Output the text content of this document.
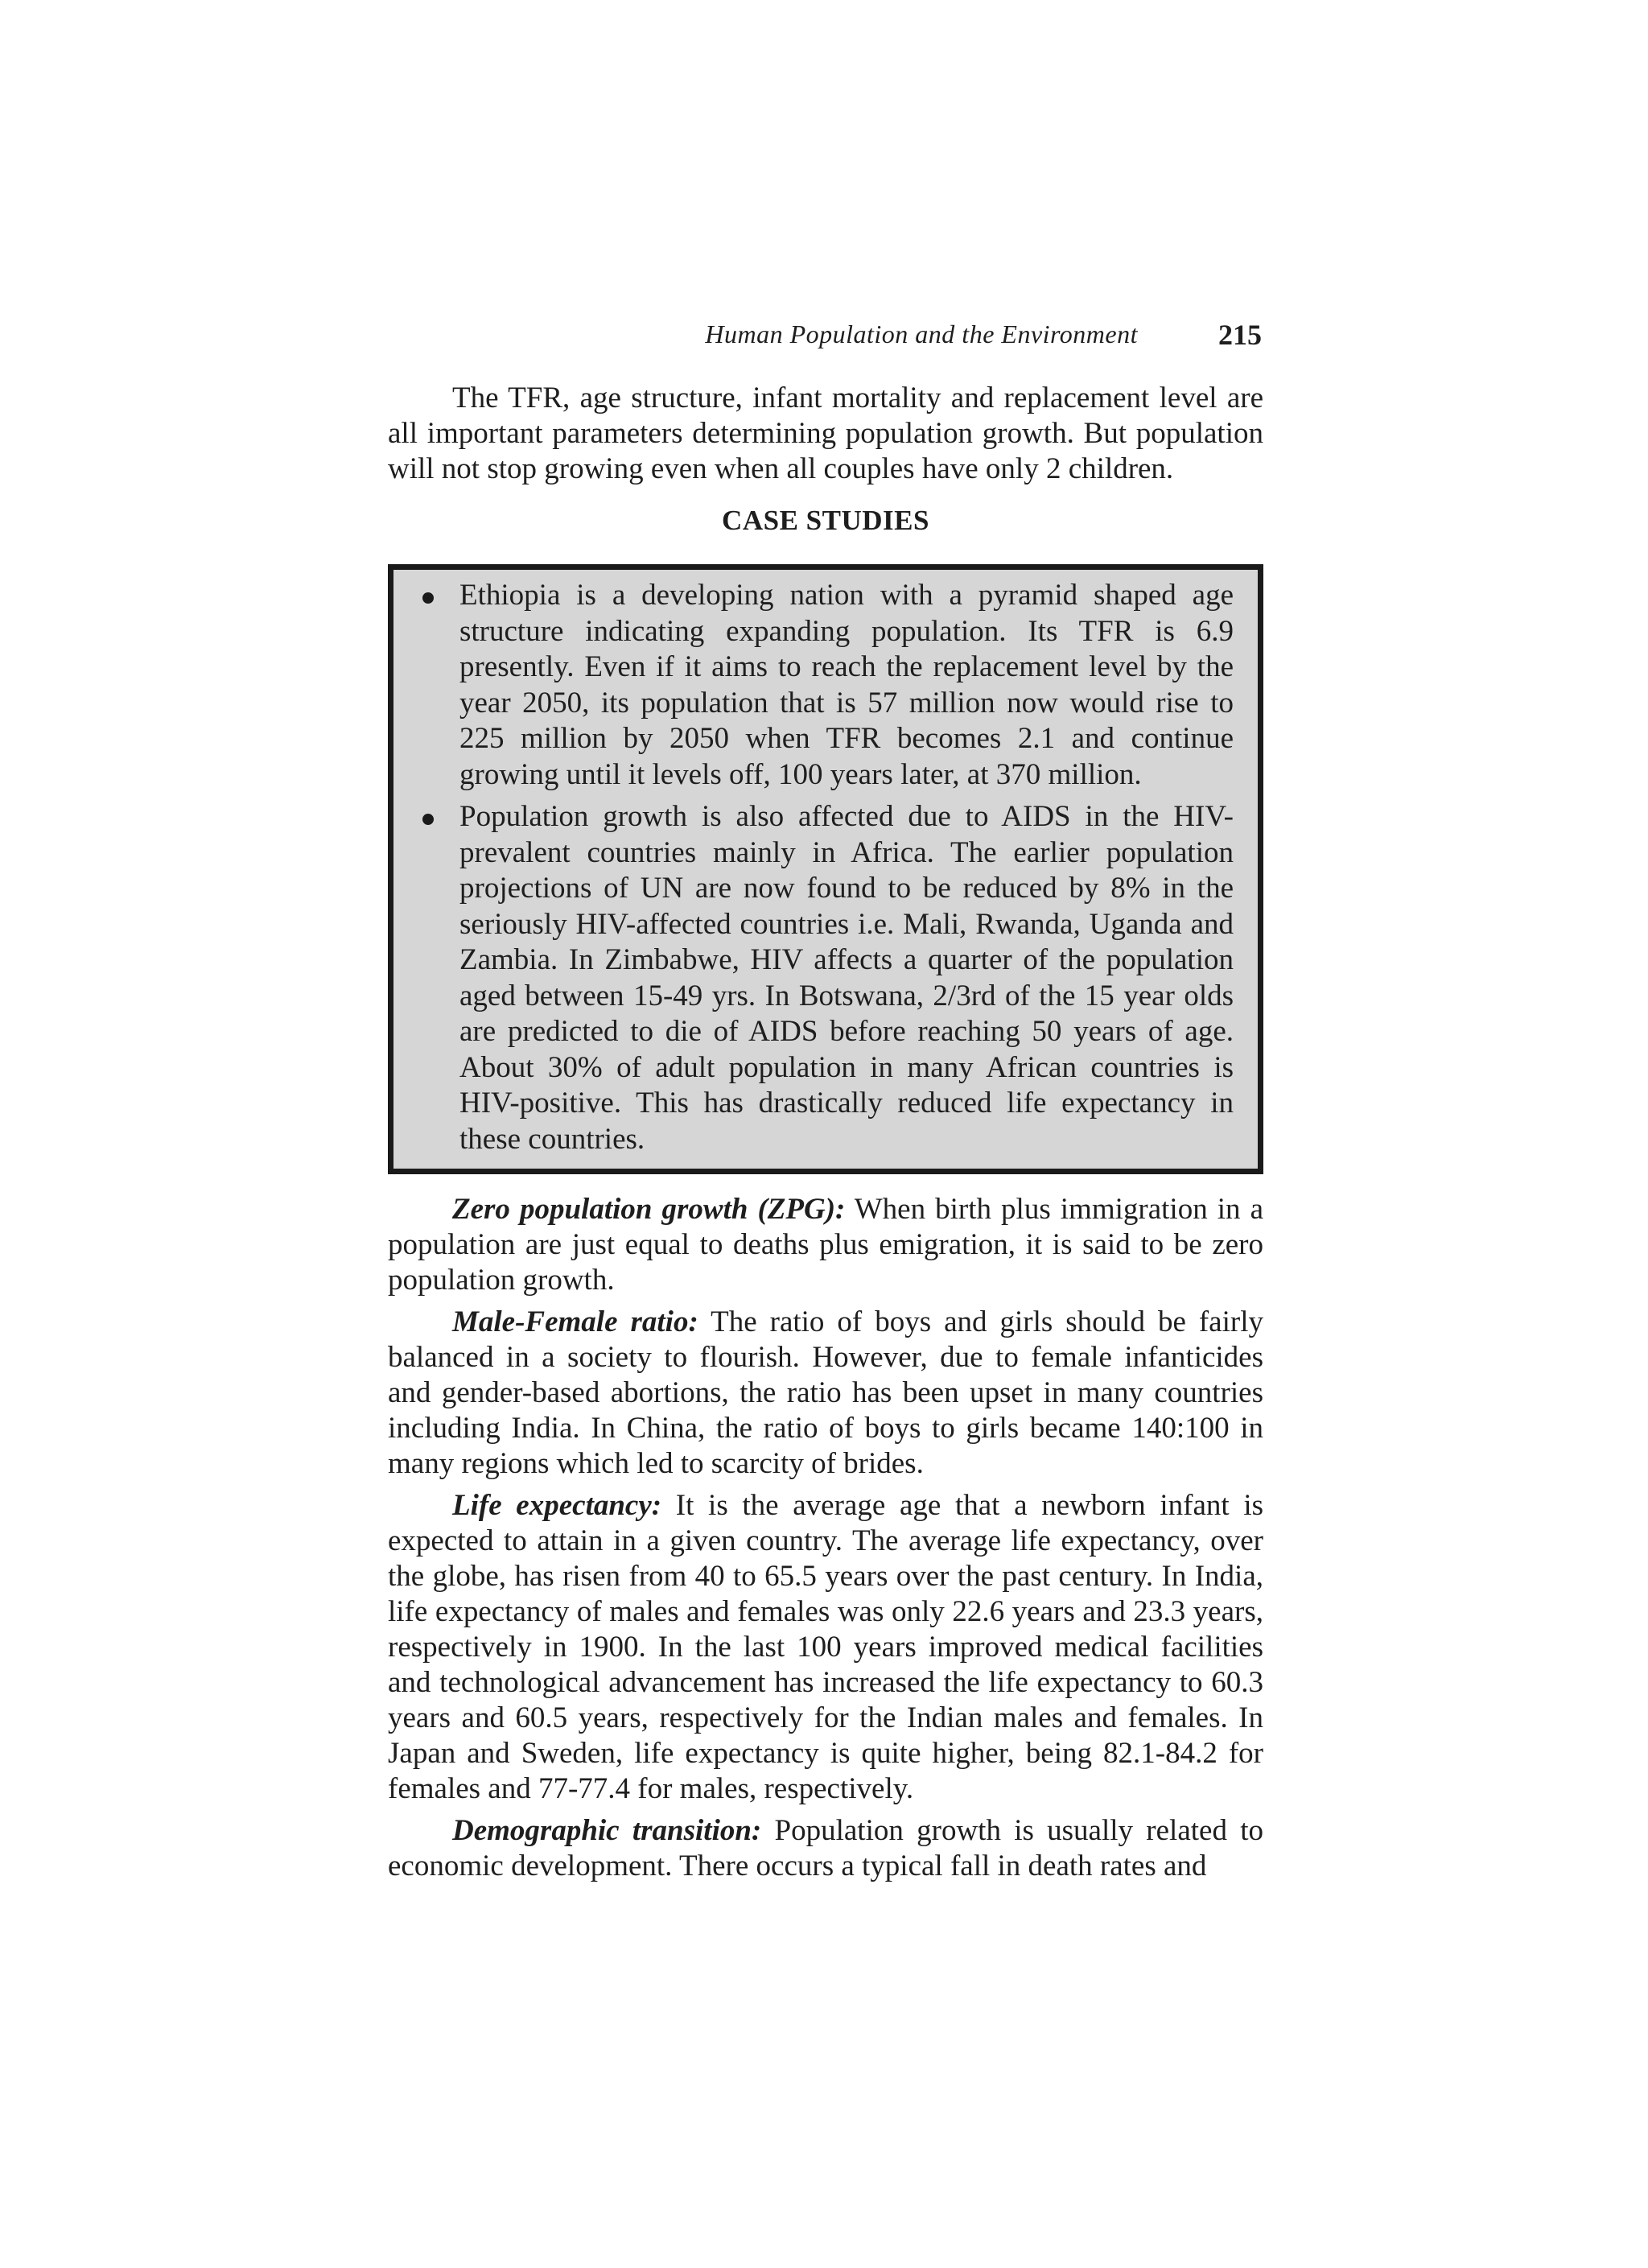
Human Population and the Environment	215

The TFR, age structure, infant mortality and replacement level are all important parameters determining population growth. But population will not stop growing even when all couples have only 2 children.

CASE STUDIES
Ethiopia is a developing nation with a pyramid shaped age structure indicating expanding population. Its TFR is 6.9 presently. Even if it aims to reach the replacement level by the year 2050, its population that is 57 million now would rise to 225 million by 2050 when TFR becomes 2.1 and continue growing until it levels off, 100 years later, at 370 million.
Population growth is also affected due to AIDS in the HIV-prevalent countries mainly in Africa. The earlier population projections of UN are now found to be reduced by 8% in the seriously HIV-affected countries i.e. Mali, Rwanda, Uganda and Zambia. In Zimbabwe, HIV affects a quarter of the population aged between 15-49 yrs. In Botswana, 2/3rd of the 15 year olds are predicted to die of AIDS before reaching 50 years of age. About 30% of adult population in many African countries is HIV-positive. This has drastically reduced life expectancy in these countries.

Zero population growth (ZPG): When birth plus immigration in a population are just equal to deaths plus emigration, it is said to be zero population growth.

Male-Female ratio: The ratio of boys and girls should be fairly balanced in a society to flourish. However, due to female infanticides and gender-based abortions, the ratio has been upset in many countries including India. In China, the ratio of boys to girls became 140:100 in many regions which led to scarcity of brides.

Life expectancy: It is the average age that a newborn infant is expected to attain in a given country. The average life expectancy, over the globe, has risen from 40 to 65.5 years over the past century. In India, life expectancy of males and females was only 22.6 years and 23.3 years, respectively in 1900. In the last 100 years improved medical facilities and technological advancement has increased the life expectancy to 60.3 years and 60.5 years, respectively for the Indian males and females. In Japan and Sweden, life expectancy is quite higher, being 82.1-84.2 for females and 77-77.4 for males, respectively.

Demographic transition: Population growth is usually related to economic development. There occurs a typical fall in death rates and
